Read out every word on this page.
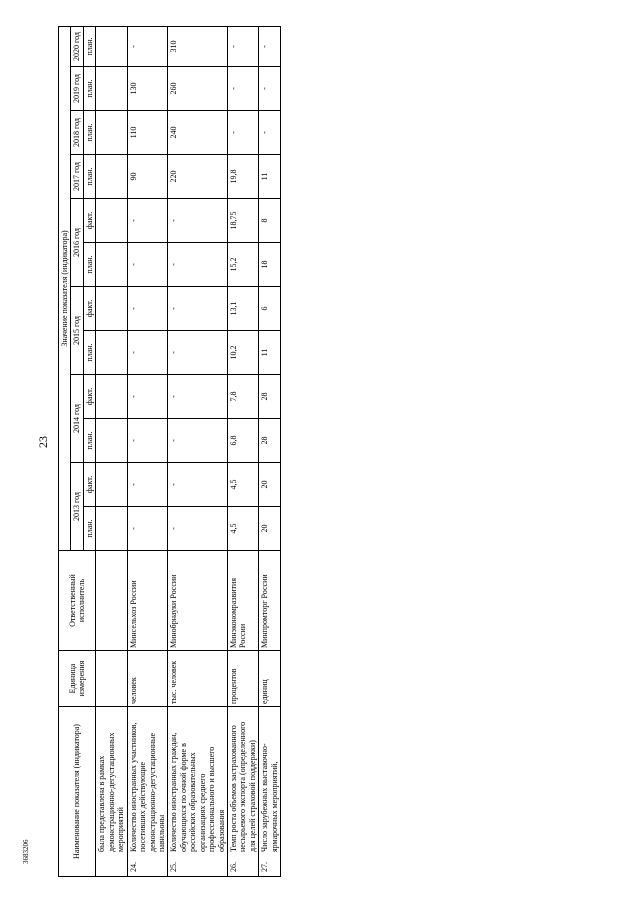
23
3683206	Наименование показателя (индикатора)	Единица измерения	Ответственный исполнитель	Значение показателя (индикатора)											
			2013 год		2014 год		2015 год		2016 год		2017 год	2018 год	2019 год	2020 год
			план.	факт.	план.	факт.	план.	факт.	план.	факт.	план.	план.	план.	план.

была представлена в рамках демонстрационно-дегустационных мероприятий														

24.
Количество иностранных участников, посетивших действующие демонстрационно-дегустационные павильоны	человек	Минсельхоз России	-	-	-	-	-	-	-	-	90	110	130	-

25.
Количество иностранных граждан, обучающихся по очной форме в российских образовательных организациях среднего профессионального и высшего образования	тыс. человек	Минобрнауки России	-	-	-	-	-	-	-	-	220	240	260	310

26.
Темп роста объемов застрахованного несырьевого экспорта (определенного для целей страховой поддержки)	процентов	Минэкономразвития России	4,5	4,5	6,8	7,8	10,2	13,1	15,2	18,75	19,8	-	-	-

27.
Число зарубежных выставочно-ярмарочных мероприятий,	единиц	Минпромторг России	20	20	28	28	11	6	18	8	11	-	-	-
